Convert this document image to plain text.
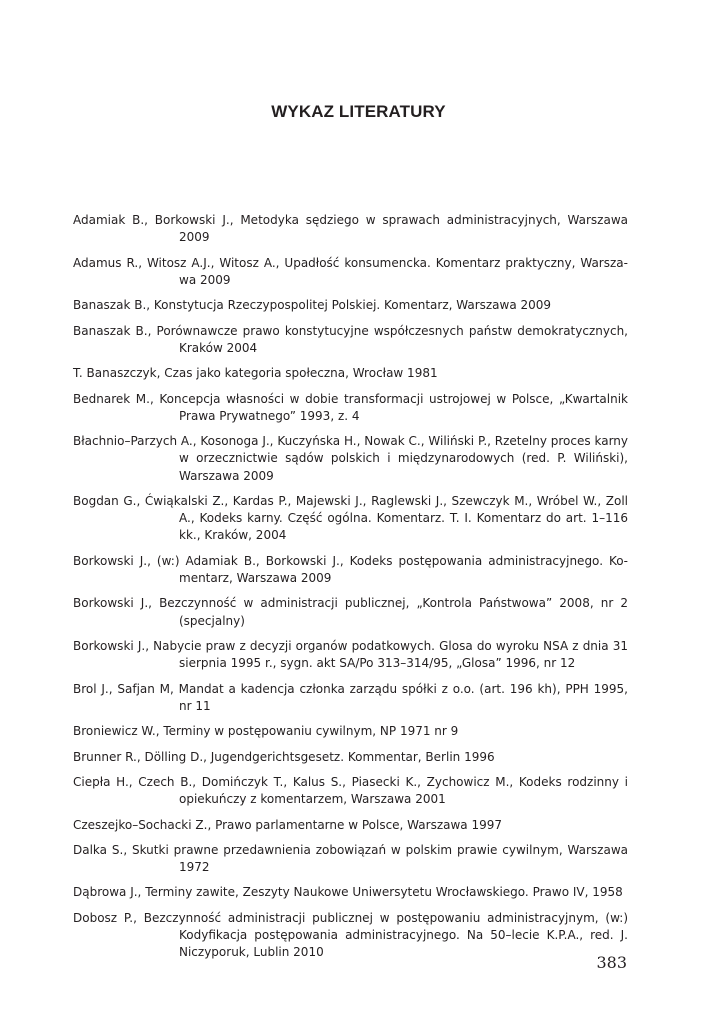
WYKAZ LITERATURY
Adamiak B., Borkowski J., Metodyka sędziego w sprawach administracyjnych, Warszawa 2009
Adamus R., Witosz A.J., Witosz A., Upadłość konsumencka. Komentarz praktyczny, Warszawa 2009
Banaszak B., Konstytucja Rzeczypospolitej Polskiej. Komentarz, Warszawa 2009
Banaszak B., Porównawcze prawo konstytucyjne współczesnych państw demokratycznych, Kraków 2004
T. Banaszczyk, Czas jako kategoria społeczna, Wrocław 1981
Bednarek M., Koncepcja własności w dobie transformacji ustrojowej w Polsce, „Kwartalnik Prawa Prywatnego” 1993, z. 4
Błachnio–Parzych A., Kosonoga J., Kuczyńska H., Nowak C., Wiliński P., Rzetelny proces karny w orzecznictwie sądów polskich i międzynarodowych (red. P. Wiliński), Warszawa 2009
Bogdan G., Ćwiąkalski Z., Kardas P., Majewski J., Raglewski J., Szewczyk M., Wróbel W., Zoll A., Kodeks karny. Część ogólna. Komentarz. T. I. Komentarz do art. 1–116 kk., Kraków, 2004
Borkowski J., (w:) Adamiak B., Borkowski J., Kodeks postępowania administracyjnego. Komentarz, Warszawa 2009
Borkowski J., Bezczynność w administracji publicznej, „Kontrola Państwowa” 2008, nr 2 (specjalny)
Borkowski J., Nabycie praw z decyzji organów podatkowych. Glosa do wyroku NSA z dnia 31 sierpnia 1995 r., sygn. akt SA/Po 313–314/95, „Glosa” 1996, nr 12
Brol J., Safjan M, Mandat a kadencja członka zarządu spółki z o.o. (art. 196 kh), PPH 1995, nr 11
Broniewicz W., Terminy w postępowaniu cywilnym, NP 1971 nr 9
Brunner R., Dölling D., Jugendgerichtsgesetz. Kommentar, Berlin 1996
Ciepła H., Czech B., Domińczyk T., Kalus S., Piasecki K., Zychowicz M., Kodeks rodzinny i opiekuńczy z komentarzem, Warszawa 2001
Czeszejko–Sochacki Z., Prawo parlamentarne w Polsce, Warszawa 1997
Dalka S., Skutki prawne przedawnienia zobowiązań w polskim prawie cywilnym, Warszawa 1972
Dąbrowa J., Terminy zawite, Zeszyty Naukowe Uniwersytetu Wrocławskiego. Prawo IV, 1958
Dobosz P., Bezczynność administracji publicznej w postępowaniu administracyjnym, (w:) Kodyfikacja postępowania administracyjnego. Na 50–lecie K.P.A., red. J. Niczyporuk, Lublin 2010

383
